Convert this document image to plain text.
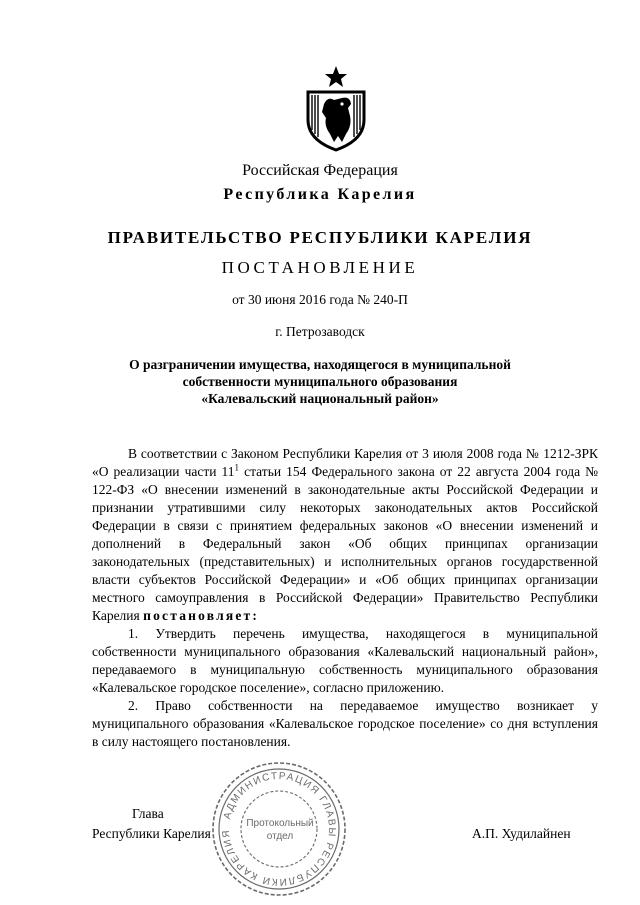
Российская Федерация
Республика Карелия
ПРАВИТЕЛЬСТВО РЕСПУБЛИКИ КАРЕЛИЯ
ПОСТАНОВЛЕНИЕ
от 30 июня 2016 года № 240-П
г. Петрозаводск
О разграничении имущества, находящегося в муниципальной
собственности муниципального образования
«Калевальский национальный район»

В соответствии с Законом Республики Карелия от 3 июля 2008 года № 1212-ЗРК «О реализации части $11^1$ статьи 154 Федерального закона от 22 августа 2004 года № 122-ФЗ «О внесении изменений в законодательные акты Российской Федерации и признании утратившими силу некоторых законодательных актов Российской Федерации в связи с принятием федеральных законов «О внесении изменений и дополнений в Федеральный закон «Об общих принципах организации законодательных (представительных) и исполнительных органов государственной власти субъектов Российской Федерации» и «Об общих принципах организации местного самоуправления в Российской Федерации» Правительство Республики Карелия постановляет:

1. Утвердить перечень имущества, находящегося в муниципальной собственности муниципального образования «Калевальский национальный район», передаваемого в муниципальную собственность муниципального образования «Калевальское городское поселение», согласно приложению.

2. Право собственности на передаваемое имущество возникает у муниципального образования «Калевальское городское поселение» со дня вступления в силу настоящего постановления.

Глава
Республики Карелия	А.П. Худилайнен
АДМИНИСТРАЦИЯ ГЛАВЫ РЕСПУБЛИКИ КАРЕЛИЯ
Протокольный
отдел
